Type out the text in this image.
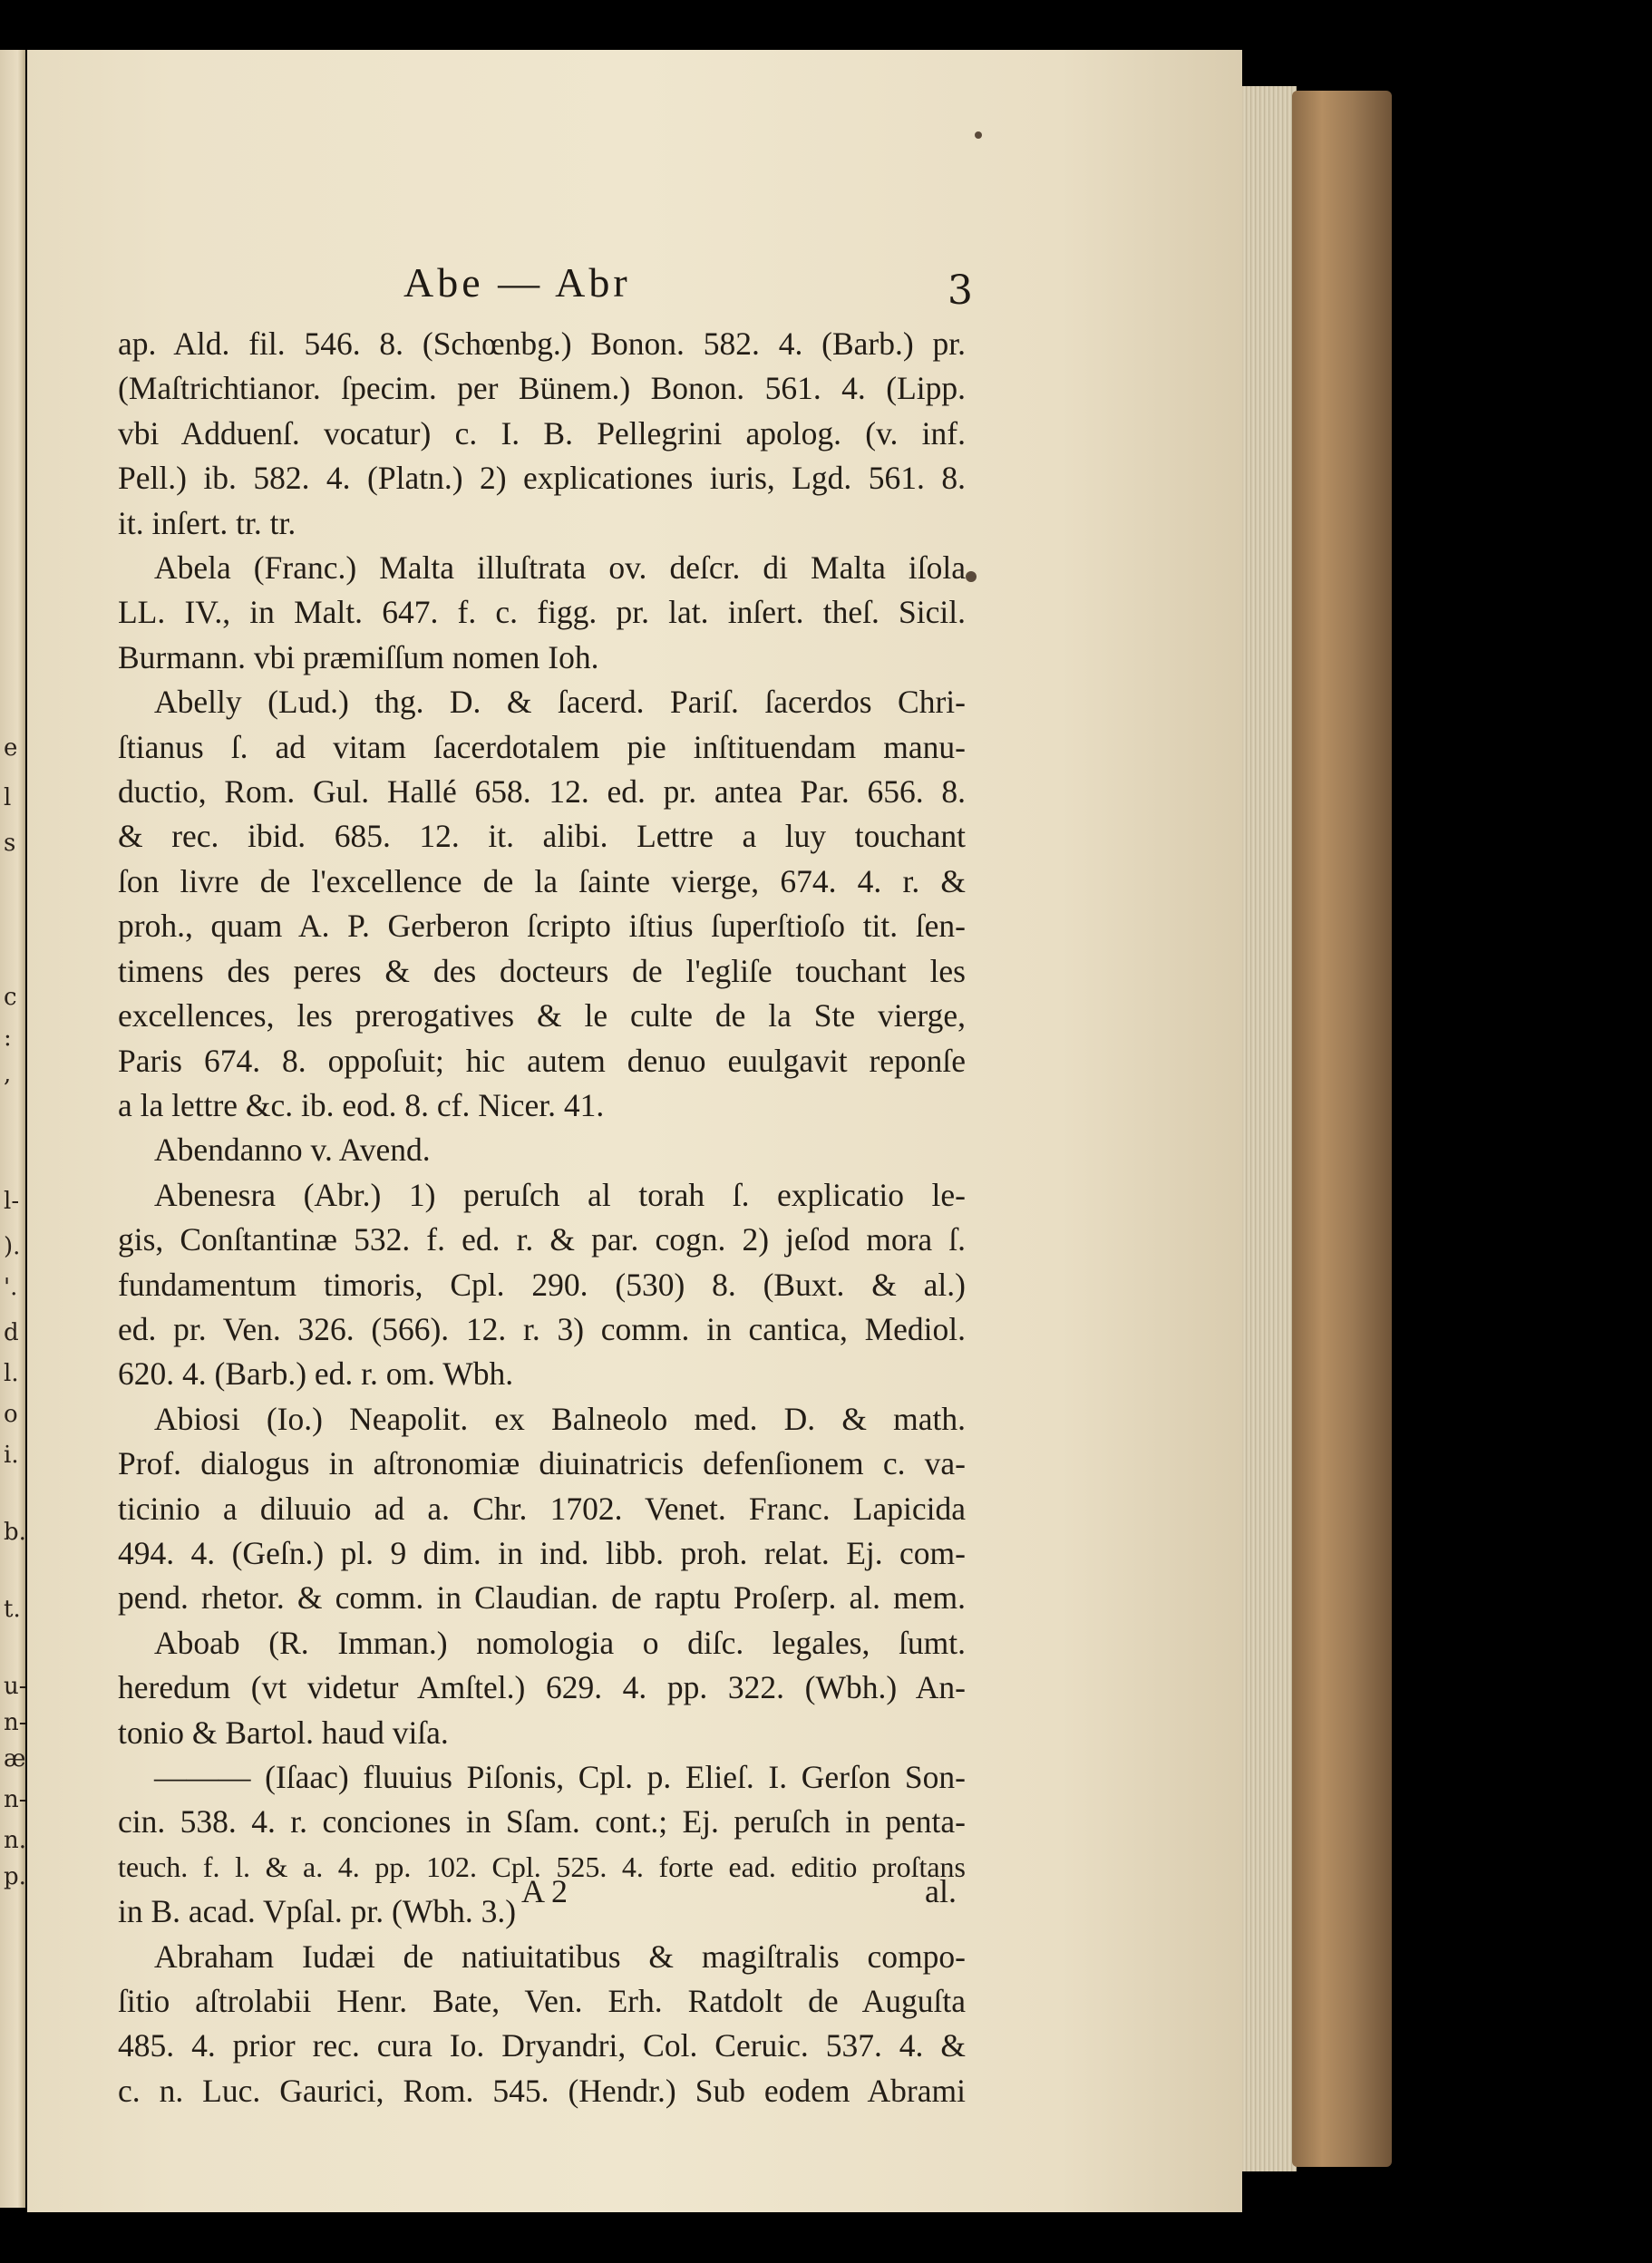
e
l
s
c
:
,
l-
).
'.
d
l.
o
i.
b.
t.
u-
n-
æ
n-
n.
p.
Abe — Abr	3
ap. Ald. fil. 546. 8. (Schœnbg.) Bonon. 582. 4. (Barb.) pr.
(Maſtrichtianor. ſpecim. per Bünem.) Bonon. 561. 4. (Lipp.
vbi Adduenſ. vocatur) c. I. B. Pellegrini apolog. (v. inf.
Pell.) ib. 582. 4. (Platn.) 2) explicationes iuris, Lgd. 561. 8.
it. inſert. tr. tr.
Abela (Franc.) Malta illuſtrata ov. deſcr. di Malta iſola
LL. IV., in Malt. 647. f. c. figg. pr. lat. inſert. theſ. Sicil.
Burmann. vbi præmiſſum nomen Ioh.
Abelly (Lud.) thg. D. & ſacerd. Pariſ. ſacerdos Chri-
ſtianus ſ. ad vitam ſacerdotalem pie inſtituendam manu-
ductio, Rom. Gul. Hallé 658. 12. ed. pr. antea Par. 656. 8.
& rec. ibid. 685. 12. it. alibi. Lettre a luy touchant
ſon livre de l'excellence de la ſainte vierge, 674. 4. r. &
proh., quam A. P. Gerberon ſcripto iſtius ſuperſtioſo tit. ſen-
timens des peres & des docteurs de l'egliſe touchant les
excellences, les prerogatives & le culte de la Ste vierge,
Paris 674. 8. oppoſuit; hic autem denuo euulgavit reponſe
a la lettre &c. ib. eod. 8. cf. Nicer. 41.
Abendanno v. Avend.
Abenesra (Abr.) 1) peruſch al torah ſ. explicatio le-
gis, Conſtantinæ 532. f. ed. r. & par. cogn. 2) jeſod mora ſ.
fundamentum timoris, Cpl. 290. (530) 8. (Buxt. & al.)
ed. pr. Ven. 326. (566). 12. r. 3) comm. in cantica, Mediol.
620. 4. (Barb.) ed. r. om. Wbh.
Abiosi (Io.) Neapolit. ex Balneolo med. D. & math.
Prof. dialogus in aſtronomiæ diuinatricis defenſionem c. va-
ticinio a diluuio ad a. Chr. 1702. Venet. Franc. Lapicida
494. 4. (Geſn.) pl. 9 dim. in ind. libb. proh. relat. Ej. com-
pend. rhetor. & comm. in Claudian. de raptu Proſerp. al. mem.
Aboab (R. Imman.) nomologia o diſc. legales, ſumt.
heredum (vt videtur Amſtel.) 629. 4. pp. 322. (Wbh.) An-
tonio & Bartol. haud viſa.
——— (Iſaac) fluuius Piſonis, Cpl. p. Elieſ. I. Gerſon Son-
cin. 538. 4. r. conciones in Sſam. cont.; Ej. peruſch in penta-
teuch. f. l. & a. 4. pp. 102. Cpl. 525. 4. forte ead. editio proſtans
in B. acad. Vpſal. pr. (Wbh. 3.)
Abraham Iudæi de natiuitatibus & magiſtralis compo-
ſitio aſtrolabii Henr. Bate, Ven. Erh. Ratdolt de Auguſta
485. 4. prior rec. cura Io. Dryandri, Col. Ceruic. 537. 4. &
c. n. Luc. Gaurici, Rom. 545. (Hendr.) Sub eodem Abrami
A 2	al.
